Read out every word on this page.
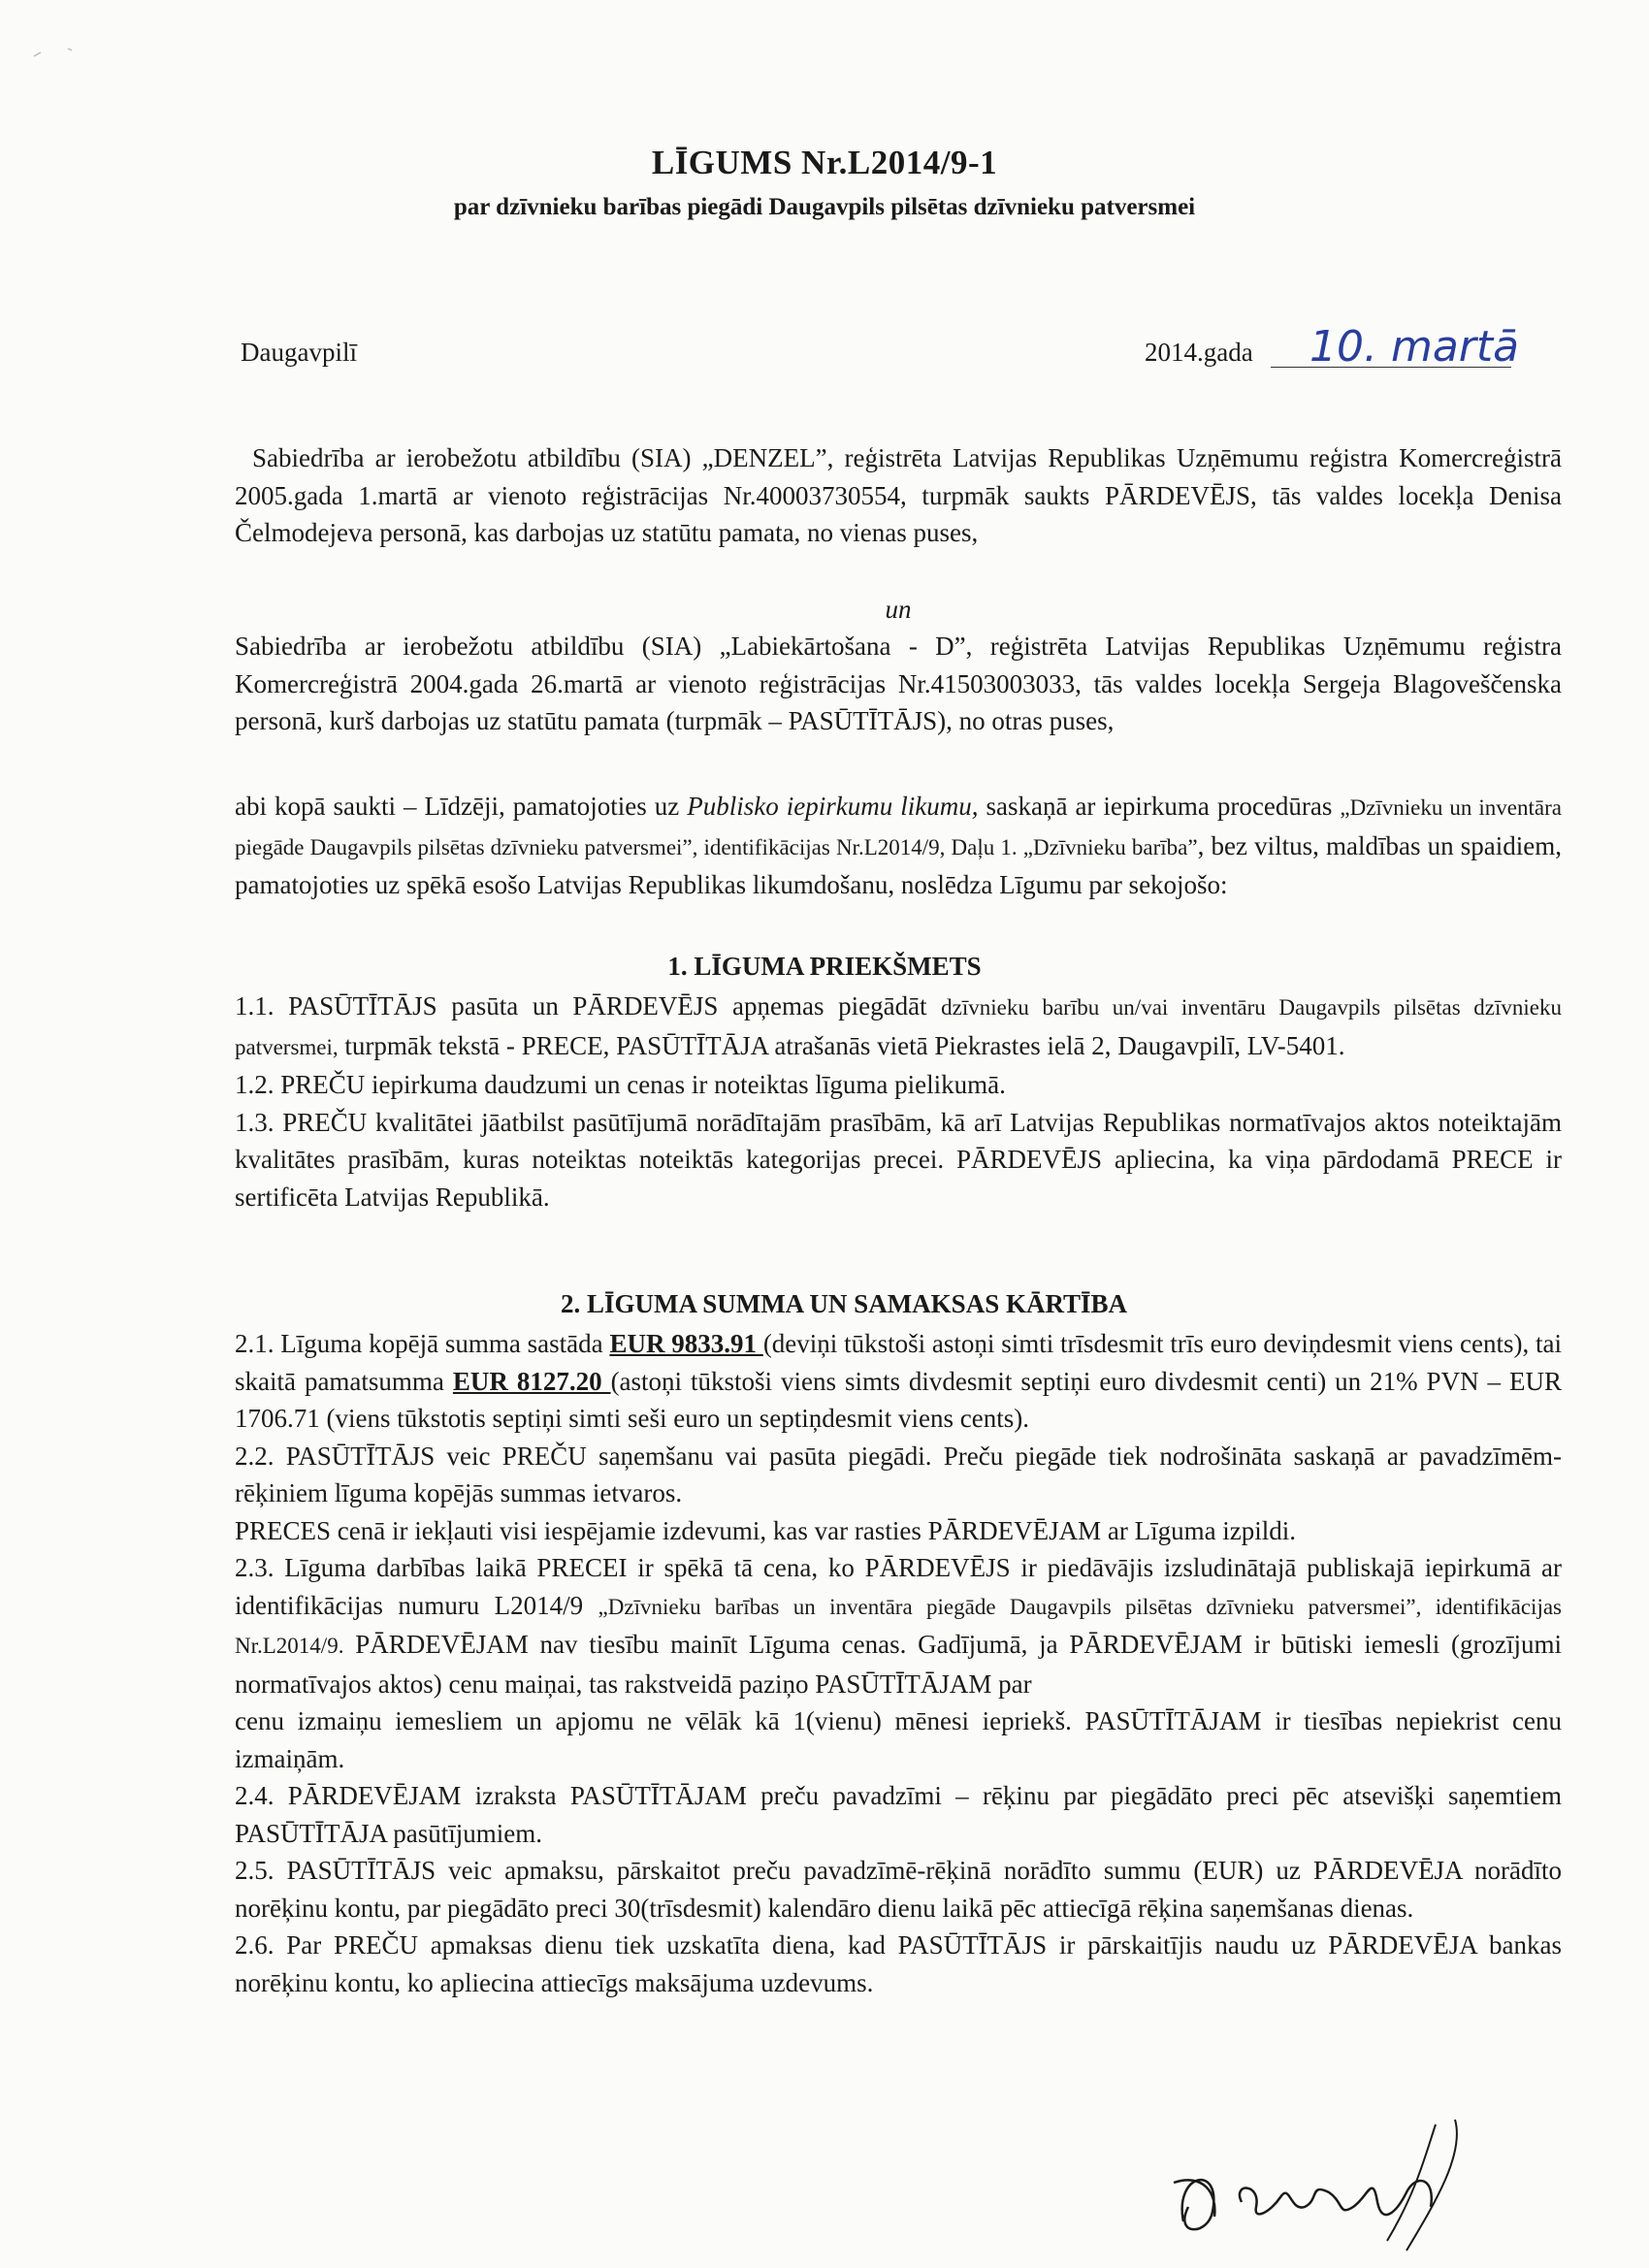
LĪGUMS Nr.L2014/9-1
par dzīvnieku barības piegādi Daugavpils pilsētas dzīvnieku patversmei
Daugavpilī	2014.gada 10. martā

Sabiedrība ar ierobežotu atbildību (SIA) „DENZEL”, reģistrēta Latvijas Republikas Uzņēmumu reģistra Komercreģistrā 2005.gada 1.martā ar vienoto reģistrācijas Nr.40003730554, turpmāk saukts PĀRDEVĒJS, tās valdes locekļa Denisa Čelmodejeva personā, kas darbojas uz statūtu pamata, no vienas puses,

un

Sabiedrība ar ierobežotu atbildību (SIA) „Labiekārtošana - D”, reģistrēta Latvijas Republikas Uzņēmumu reģistra Komercreģistrā 2004.gada 26.martā ar vienoto reģistrācijas Nr.41503003033, tās valdes locekļa Sergeja Blagoveščenska personā, kurš darbojas uz statūtu pamata (turpmāk – PASŪTĪTĀJS), no otras puses,

abi kopā saukti – Līdzēji, pamatojoties uz Publisko iepirkumu likumu, saskaņā ar iepirkuma procedūras „Dzīvnieku un inventāra piegāde Daugavpils pilsētas dzīvnieku patversmei”, identifikācijas Nr.L2014/9, Daļu 1. „Dzīvnieku barība”, bez viltus, maldības un spaidiem, pamatojoties uz spēkā esošo Latvijas Republikas likumdošanu, noslēdza Līgumu par sekojošo:

1. LĪGUMA PRIEKŠMETS

1.1. PASŪTĪTĀJS pasūta un PĀRDEVĒJS apņemas piegādāt dzīvnieku barību un/vai inventāru Daugavpils pilsētas dzīvnieku patversmei, turpmāk tekstā - PRECE, PASŪTĪTĀJA atrašanās vietā Piekrastes ielā 2, Daugavpilī, LV-5401.

1.2. PREČU iepirkuma daudzumi un cenas ir noteiktas līguma pielikumā.

1.3. PREČU kvalitātei jāatbilst pasūtījumā norādītajām prasībām, kā arī Latvijas Republikas normatīvajos aktos noteiktajām kvalitātes prasībām, kuras noteiktas noteiktās kategorijas precei. PĀRDEVĒJS apliecina, ka viņa pārdodamā PRECE ir sertificēta Latvijas Republikā.

2. LĪGUMA SUMMA UN SAMAKSAS KĀRTĪBA

2.1. Līguma kopējā summa sastāda EUR 9833.91 (deviņi tūkstoši astoņi simti trīsdesmit trīs euro deviņdesmit viens cents), tai skaitā pamatsumma EUR 8127.20 (astoņi tūkstoši viens simts divdesmit septiņi euro divdesmit centi) un 21% PVN – EUR 1706.71 (viens tūkstotis septiņi simti seši euro un septiņdesmit viens cents).

2.2. PASŪTĪTĀJS veic PREČU saņemšanu vai pasūta piegādi. Preču piegāde tiek nodrošināta saskaņā ar pavadzīmēm-rēķiniem līguma kopējās summas ietvaros.

PRECES cenā ir iekļauti visi iespējamie izdevumi, kas var rasties PĀRDEVĒJAM ar Līguma izpildi.

2.3. Līguma darbības laikā PRECEI ir spēkā tā cena, ko PĀRDEVĒJS ir piedāvājis izsludinātajā publiskajā iepirkumā ar identifikācijas numuru L2014/9 „Dzīvnieku barības un inventāra piegāde Daugavpils pilsētas dzīvnieku patversmei”, identifikācijas Nr.L2014/9. PĀRDEVĒJAM nav tiesību mainīt Līguma cenas. Gadījumā, ja PĀRDEVĒJAM ir būtiski iemesli (grozījumi normatīvajos aktos) cenu maiņai, tas rakstveidā paziņo PASŪTĪTĀJAM par

cenu izmaiņu iemesliem un apjomu ne vēlāk kā 1(vienu) mēnesi iepriekš. PASŪTĪTĀJAM ir tiesības nepiekrist cenu izmaiņām.

2.4. PĀRDEVĒJAM izraksta PASŪTĪTĀJAM preču pavadzīmi – rēķinu par piegādāto preci pēc atsevišķi saņemtiem PASŪTĪTĀJA pasūtījumiem.

2.5. PASŪTĪTĀJS veic apmaksu, pārskaitot preču pavadzīmē-rēķinā norādīto summu (EUR) uz PĀRDEVĒJA norādīto norēķinu kontu, par piegādāto preci 30(trīsdesmit) kalendāro dienu laikā pēc attiecīgā rēķina saņemšanas dienas.

2.6. Par PREČU apmaksas dienu tiek uzskatīta diena, kad PASŪTĪTĀJS ir pārskaitījis naudu uz PĀRDEVĒJA bankas norēķinu kontu, ko apliecina attiecīgs maksājuma uzdevums.
